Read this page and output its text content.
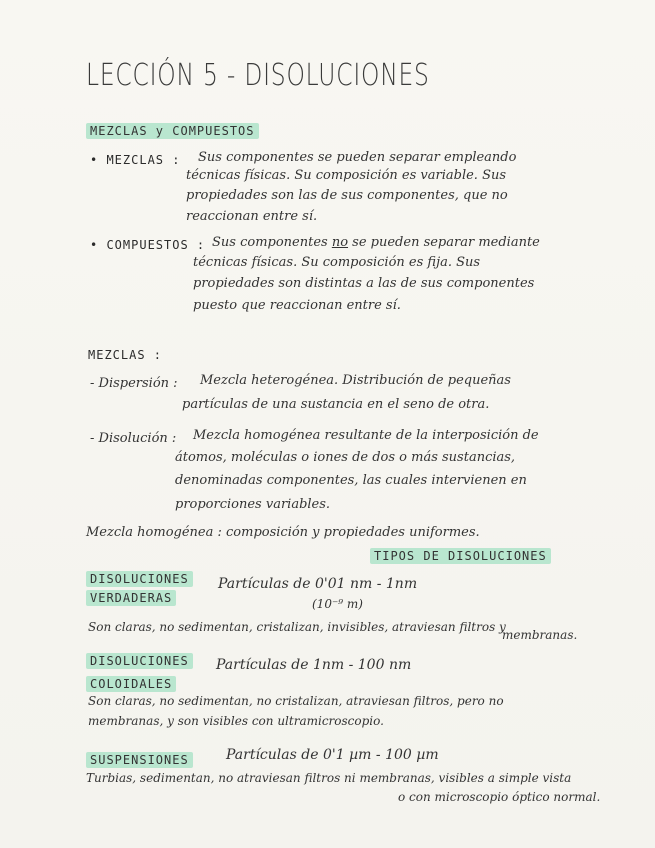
LECCIÓN 5 - DISOLUCIONES
MEZCLAS y COMPUESTOS
• MEZCLAS : Sus componentes se pueden separar empleando
técnicas físicas. Su composición es variable. Sus
propiedades son las de sus componentes, que no
reaccionan entre sí.
• COMPUESTOS : Sus componentes no se pueden separar mediante
técnicas físicas. Su composición es fija. Sus
propiedades son distintas a las de sus componentes
puesto que reaccionan entre sí.
MEZCLAS :
- Dispersión : Mezcla heterogénea. Distribución de pequeñas
partículas de una sustancia en el seno de otra.
- Disolución : Mezcla homogénea resultante de la interposición de
átomos, moléculas o iones de dos o más sustancias,
denominadas componentes, las cuales intervienen en
proporciones variables.
Mezcla homogénea : composición y propiedades uniformes.
TIPOS DE DISOLUCIONES
DISOLUCIONES
VERDADERAS
Partículas de 0'01 nm - 1nm
(10⁻⁹ m)
Son claras, no sedimentan, cristalizan, invisibles, atraviesan filtros y
membranas.
DISOLUCIONES
COLOIDALES
Partículas de 1nm - 100 nm
Son claras, no sedimentan, no cristalizan, atraviesan filtros, pero no
membranas, y son visibles con ultramicroscopio.
SUSPENSIONES	Partículas de 0'1 µm - 100 µm
Turbias, sedimentan, no atraviesan filtros ni membranas, visibles a simple vista
o con microscopio óptico normal.
